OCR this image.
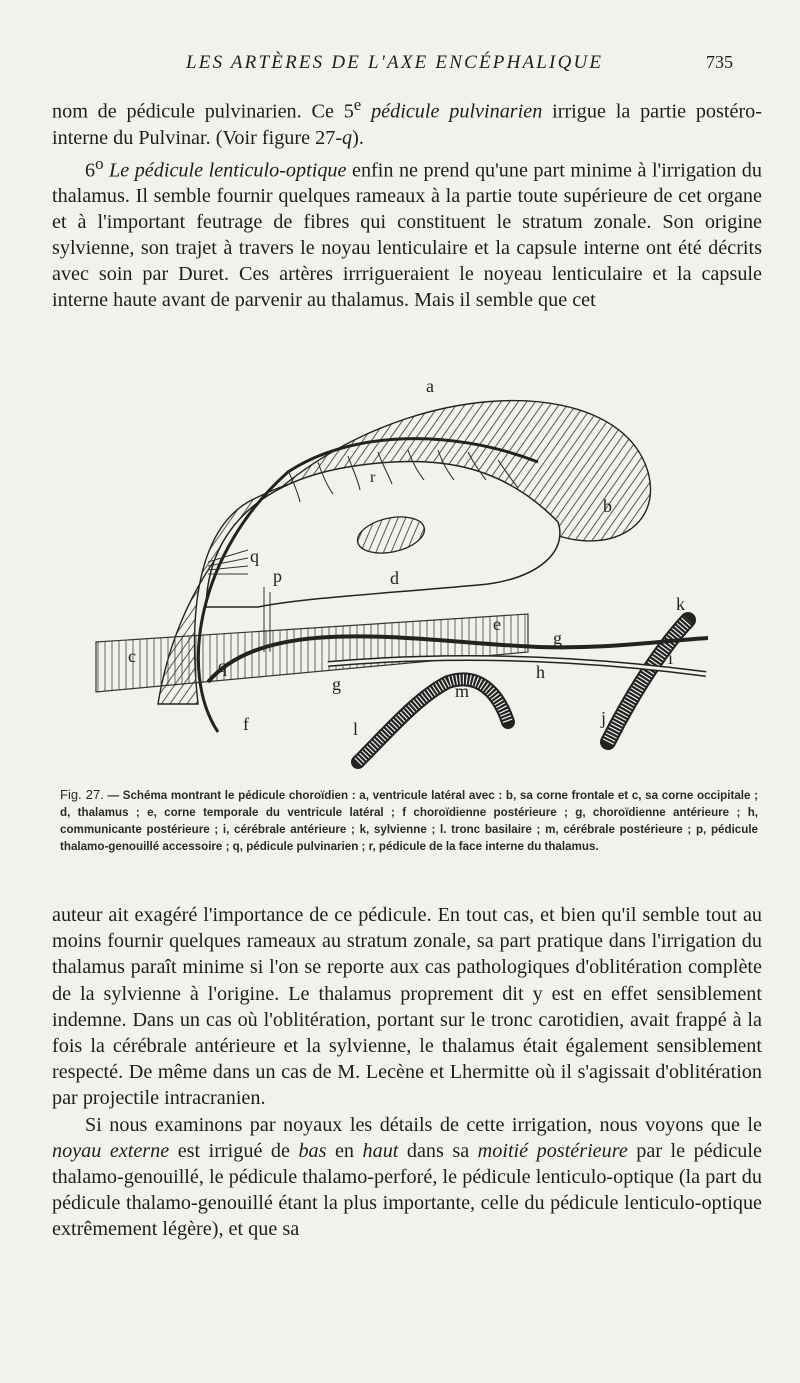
LES ARTÈRES DE L'AXE ENCÉPHALIQUE	735

nom de pédicule pulvinarien. Ce 5e pédicule pulvinarien irrigue la partie postéro-interne du Pulvinar. (Voir figure 27-q).

6$^o$ Le pédicule lenticulo-optique enfin ne prend qu'une part minime à l'irrigation du thalamus. Il semble fournir quelques rameaux à la partie toute supérieure de cet organe et à l'important feutrage de fibres qui constituent le stratum zonale. Son origine sylvienne, son trajet à travers le noyau lenticulaire et la capsule interne ont été décrits avec soin par Duret. Ces artères irrrigueraient le noyeau lenticulaire et la capsule interne haute avant de parvenir au thalamus. Mais il semble que cet

a
b
c
d
e
f
g
g
h
i
j
k
l
m
p
q
q
r
Fig. 27. — Schéma montrant le pédicule choroïdien : a, ventricule latéral avec : b, sa corne frontale et c, sa corne occipitale ; d, thalamus ; e, corne temporale du ventricule latéral ; f choroïdienne postérieure ; g, choroïdienne antérieure ; h, communicante postérieure ; i, cérébrale antérieure ; k, sylvienne ; l. tronc basilaire ; m, cérébrale postérieure ; p, pédicule thalamo-genouillé accessoire ; q, pédicule pulvinarien ; r, pédicule de la face interne du thalamus.

auteur ait exagéré l'importance de ce pédicule. En tout cas, et bien qu'il semble tout au moins fournir quelques rameaux au stratum zonale, sa part pratique dans l'irrigation du thalamus paraît minime si l'on se reporte aux cas pathologiques d'oblitération complète de la sylvienne à l'origine. Le thalamus proprement dit y est en effet sensiblement indemne. Dans un cas où l'oblitération, portant sur le tronc carotidien, avait frappé à la fois la cérébrale antérieure et la sylvienne, le thalamus était également sensiblement respecté. De même dans un cas de M. Lecène et Lhermitte où il s'agissait d'oblitération par projectile intracranien.

Si nous examinons par noyaux les détails de cette irrigation, nous voyons que le noyau externe est irrigué de bas en haut dans sa moitié postérieure par le pédicule thalamo-genouillé, le pédicule thalamo-perforé, le pédicule lenticulo-optique (la part du pédicule thalamo-genouillé étant la plus importante, celle du pédicule lenticulo-optique extrêmement légère), et que sa
